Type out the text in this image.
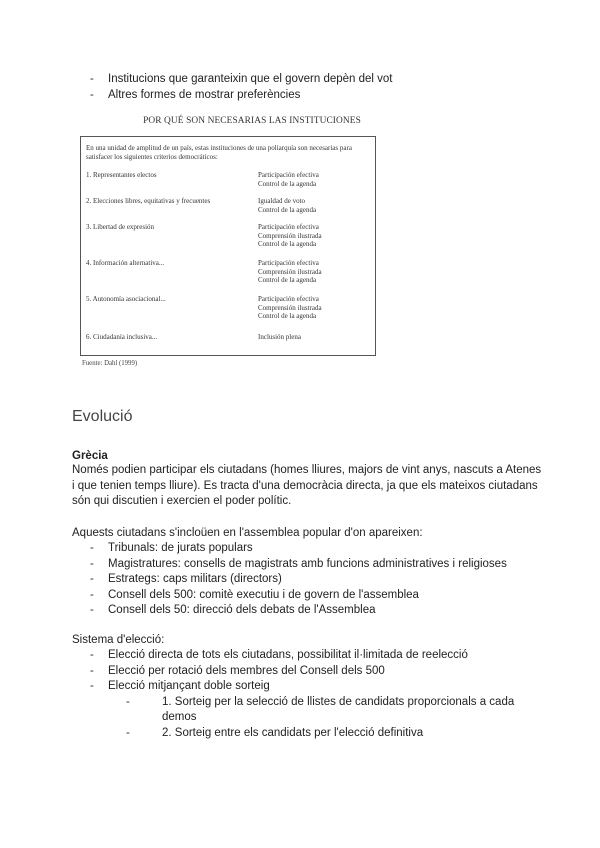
- Institucions que garanteixin que el govern depèn del vot
- Altres formes de mostrar preferències
POR QUÉ SON NECESARIAS LAS INSTITUCIONES
En una unidad de amplitud de un país, estas instituciones de una poliarquía son necesarias para satisfacer los siguientes criterios democráticos:
1. Representantes electos	Participación efectiva
Control de la agenda
2. Elecciones libres, equitativas y frecuentes	Igualdad de voto
Control de la agenda
3. Libertad de expresión	Participación efectiva
Comprensión ilustrada
Control de la agenda
4. Información alternativa...	Participación efectiva
Comprensión ilustrada
Control de la agenda
5. Autonomía asociacional...	Participación efectiva
Comprensión ilustrada
Control de la agenda
6. Ciudadanía inclusiva...	Inclusión plena
Fuente: Dahl (1999)
Evolució
Grècia

Només podien participar els ciutadans (homes lliures, majors de vint anys, nascuts a Atenes i que tenien temps lliure). Es tracta d'una democràcia directa, ja que els mateixos ciutadans són qui discutien i exercien el poder polític.

Aquests ciutadans s'incloüen en l'assemblea popular d'on apareixen:

- Tribunals: de jurats populars
- Magistratures: consells de magistrats amb funcions administratives i religioses
- Estrategs: caps militars (directors)
- Consell dels 500: comitè executiu i de govern de l'assemblea
- Consell dels 50: direcció dels debats de l'Assemblea

Sistema d'elecció:

- Elecció directa de tots els ciutadans, possibilitat il·limitada de reelecció
- Elecció per rotació dels membres del Consell dels 500
- Elecció mitjançant doble sorteig
- 1. Sorteig per la selecció de llistes de candidats proporcionals a cada demos
- 2. Sorteig entre els candidats per l'elecció definitiva
